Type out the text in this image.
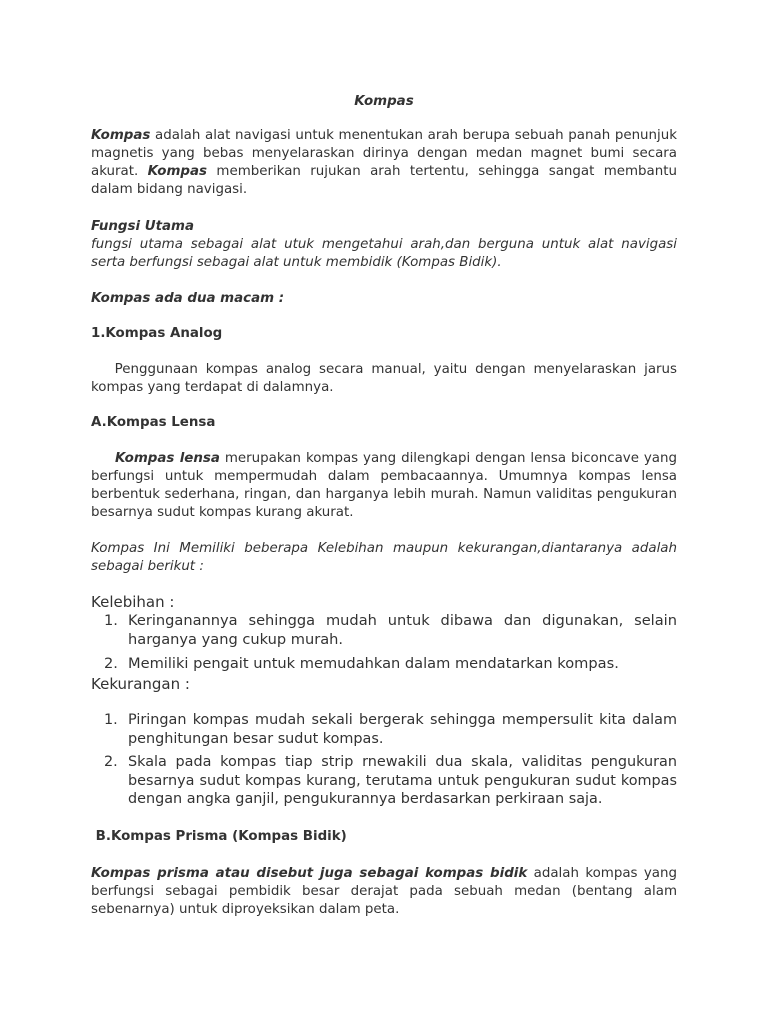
Kompas

Kompas adalah alat navigasi untuk menentukan arah berupa sebuah panah penunjuk magnetis yang bebas menyelaraskan dirinya dengan medan magnet bumi secara akurat. Kompas memberikan rujukan arah tertentu, sehingga sangat membantu dalam bidang navigasi.

Fungsi Utama

fungsi utama sebagai alat utuk mengetahui arah,dan berguna untuk alat navigasi serta berfungsi sebagai alat untuk membidik (Kompas Bidik).

Kompas ada dua macam :
1.Kompas Analog

Penggunaan kompas analog secara manual, yaitu dengan menyelaraskan jarus kompas yang terdapat di dalamnya.

A.Kompas Lensa

Kompas lensa merupakan kompas yang dilengkapi dengan lensa biconcave yang berfungsi untuk mempermudah dalam pembacaannya. Umumnya kompas lensa berbentuk sederhana, ringan, dan harganya lebih murah. Namun validitas pengukuran besarnya sudut kompas kurang akurat.

Kompas Ini Memiliki beberapa Kelebihan maupun kekurangan,diantaranya adalah sebagai berikut :

Kelebihan :
1. Keringanannya sehingga mudah untuk dibawa dan digunakan, selain harganya yang cukup murah.
2. Memiliki pengait untuk memudahkan dalam mendatarkan kompas.
Kekurangan :
1. Piringan kompas mudah sekali bergerak sehingga mempersulit kita dalam penghitungan besar sudut kompas.
2. Skala pada kompas tiap strip rnewakili dua skala, validitas pengukuran besarnya sudut kompas kurang, terutama untuk pengukuran sudut kompas dengan angka ganjil, pengukurannya berdasarkan perkiraan saja.
B.Kompas Prisma (Kompas Bidik)

Kompas prisma atau disebut juga sebagai kompas bidik adalah kompas yang berfungsi sebagai pembidik besar derajat pada sebuah medan (bentang alam sebenarnya) untuk diproyeksikan dalam peta.
